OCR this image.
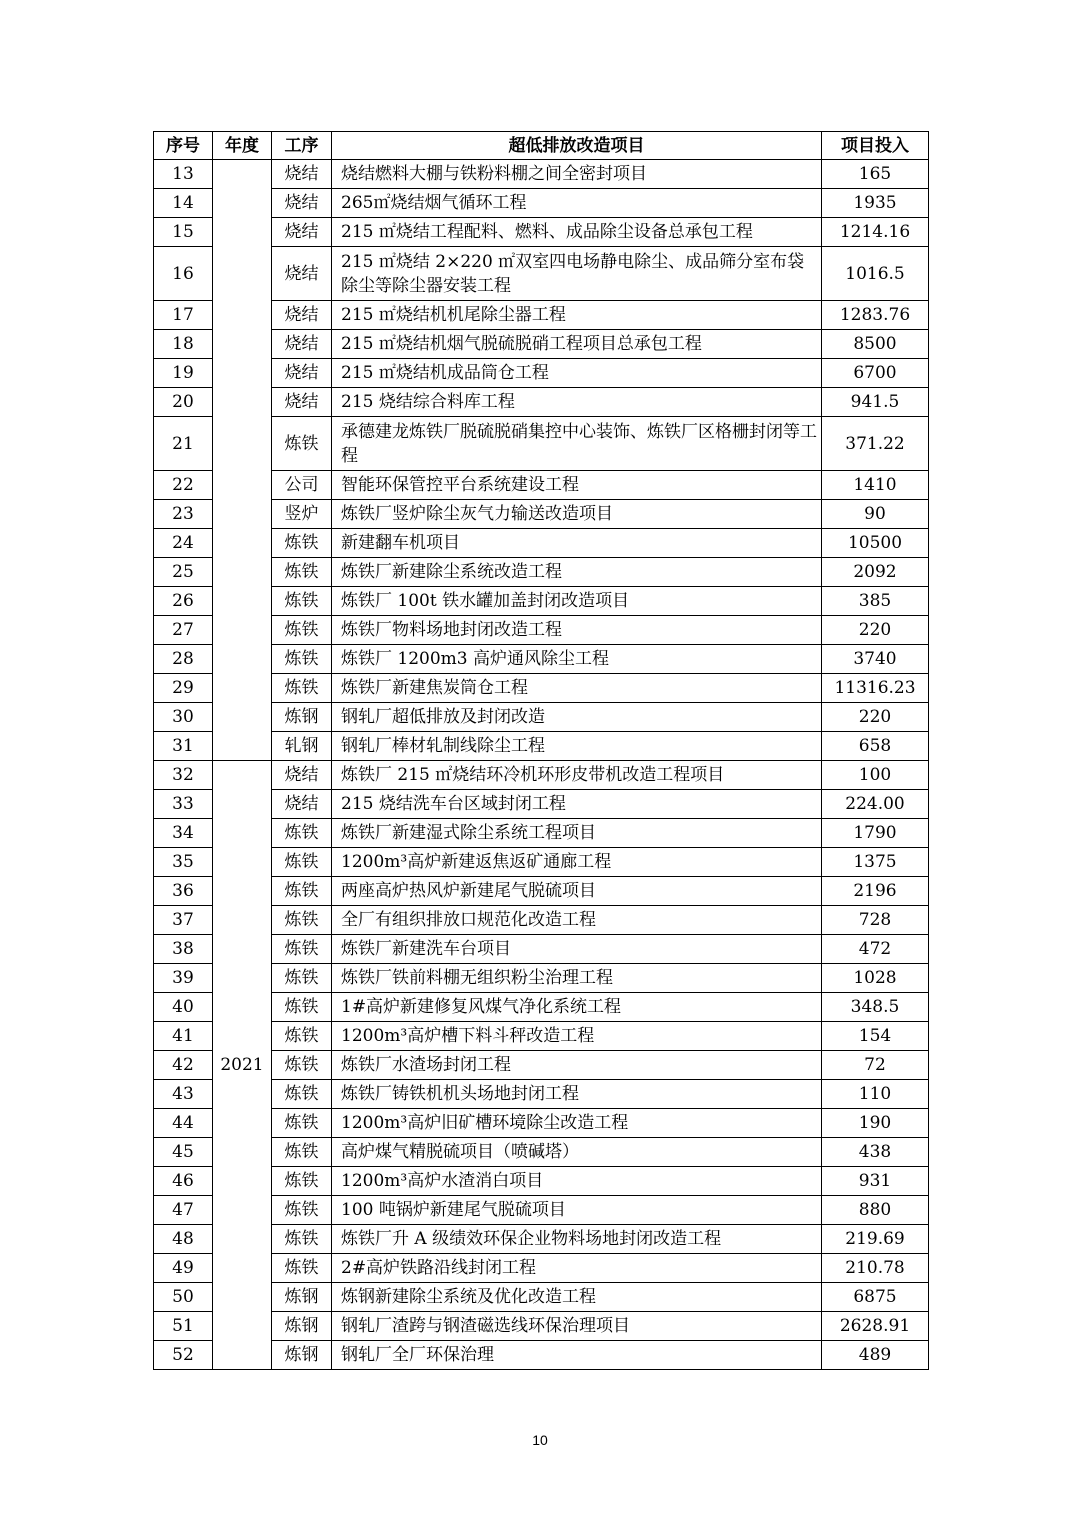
序号	年度	工序	超低排放改造项目	项目投入
13		烧结	烧结燃料大棚与铁粉料棚之间全密封项目	165
14		烧结	265㎡烧结烟气循环工程	1935
15		烧结	215 ㎡烧结工程配料、燃料、成品除尘设备总承包工程	1214.16
16		烧结	215 ㎡烧结 2×220 ㎡双室四电场静电除尘、成品筛分室布袋除尘等除尘器安装工程	1016.5
17		烧结	215 ㎡烧结机机尾除尘器工程	1283.76
18		烧结	215 ㎡烧结机烟气脱硫脱硝工程项目总承包工程	8500
19		烧结	215 ㎡烧结机成品筒仓工程	6700
20		烧结	215 烧结综合料库工程	941.5
21		炼铁	承德建龙炼铁厂脱硫脱硝集控中心装饰、炼铁厂区格栅封闭等工程	371.22
22		公司	智能环保管控平台系统建设工程	1410
23		竖炉	炼铁厂竖炉除尘灰气力输送改造项目	90
24		炼铁	新建翻车机项目	10500
25		炼铁	炼铁厂新建除尘系统改造工程	2092
26		炼铁	炼铁厂 100t 铁水罐加盖封闭改造项目	385
27		炼铁	炼铁厂物料场地封闭改造工程	220
28		炼铁	炼铁厂 1200m3 高炉通风除尘工程	3740
29		炼铁	炼铁厂新建焦炭筒仓工程	11316.23
30		炼钢	钢轧厂超低排放及封闭改造	220
31		轧钢	钢轧厂棒材轧制线除尘工程	658
32	2021	烧结	炼铁厂 215 ㎡烧结环冷机环形皮带机改造工程项目	100
33		烧结	215 烧结洗车台区域封闭工程	224.00
34		炼铁	炼铁厂新建湿式除尘系统工程项目	1790
35		炼铁	1200m³高炉新建返焦返矿通廊工程	1375
36		炼铁	两座高炉热风炉新建尾气脱硫项目	2196
37		炼铁	全厂有组织排放口规范化改造工程	728
38		炼铁	炼铁厂新建洗车台项目	472
39		炼铁	炼铁厂铁前料棚无组织粉尘治理工程	1028
40		炼铁	1#高炉新建修复风煤气净化系统工程	348.5
41		炼铁	1200m³高炉槽下料斗秤改造工程	154
42		炼铁	炼铁厂水渣场封闭工程	72
43		炼铁	炼铁厂铸铁机机头场地封闭工程	110
44		炼铁	1200m³高炉旧矿槽环境除尘改造工程	190
45		炼铁	高炉煤气精脱硫项目（喷碱塔）	438
46		炼铁	1200m³高炉水渣消白项目	931
47		炼铁	100 吨锅炉新建尾气脱硫项目	880
48		炼铁	炼铁厂升 A 级绩效环保企业物料场地封闭改造工程	219.69
49		炼铁	2#高炉铁路沿线封闭工程	210.78
50		炼钢	炼钢新建除尘系统及优化改造工程	6875
51		炼钢	钢轧厂渣跨与钢渣磁选线环保治理项目	2628.91
52		炼钢	钢轧厂全厂环保治理	489
10
